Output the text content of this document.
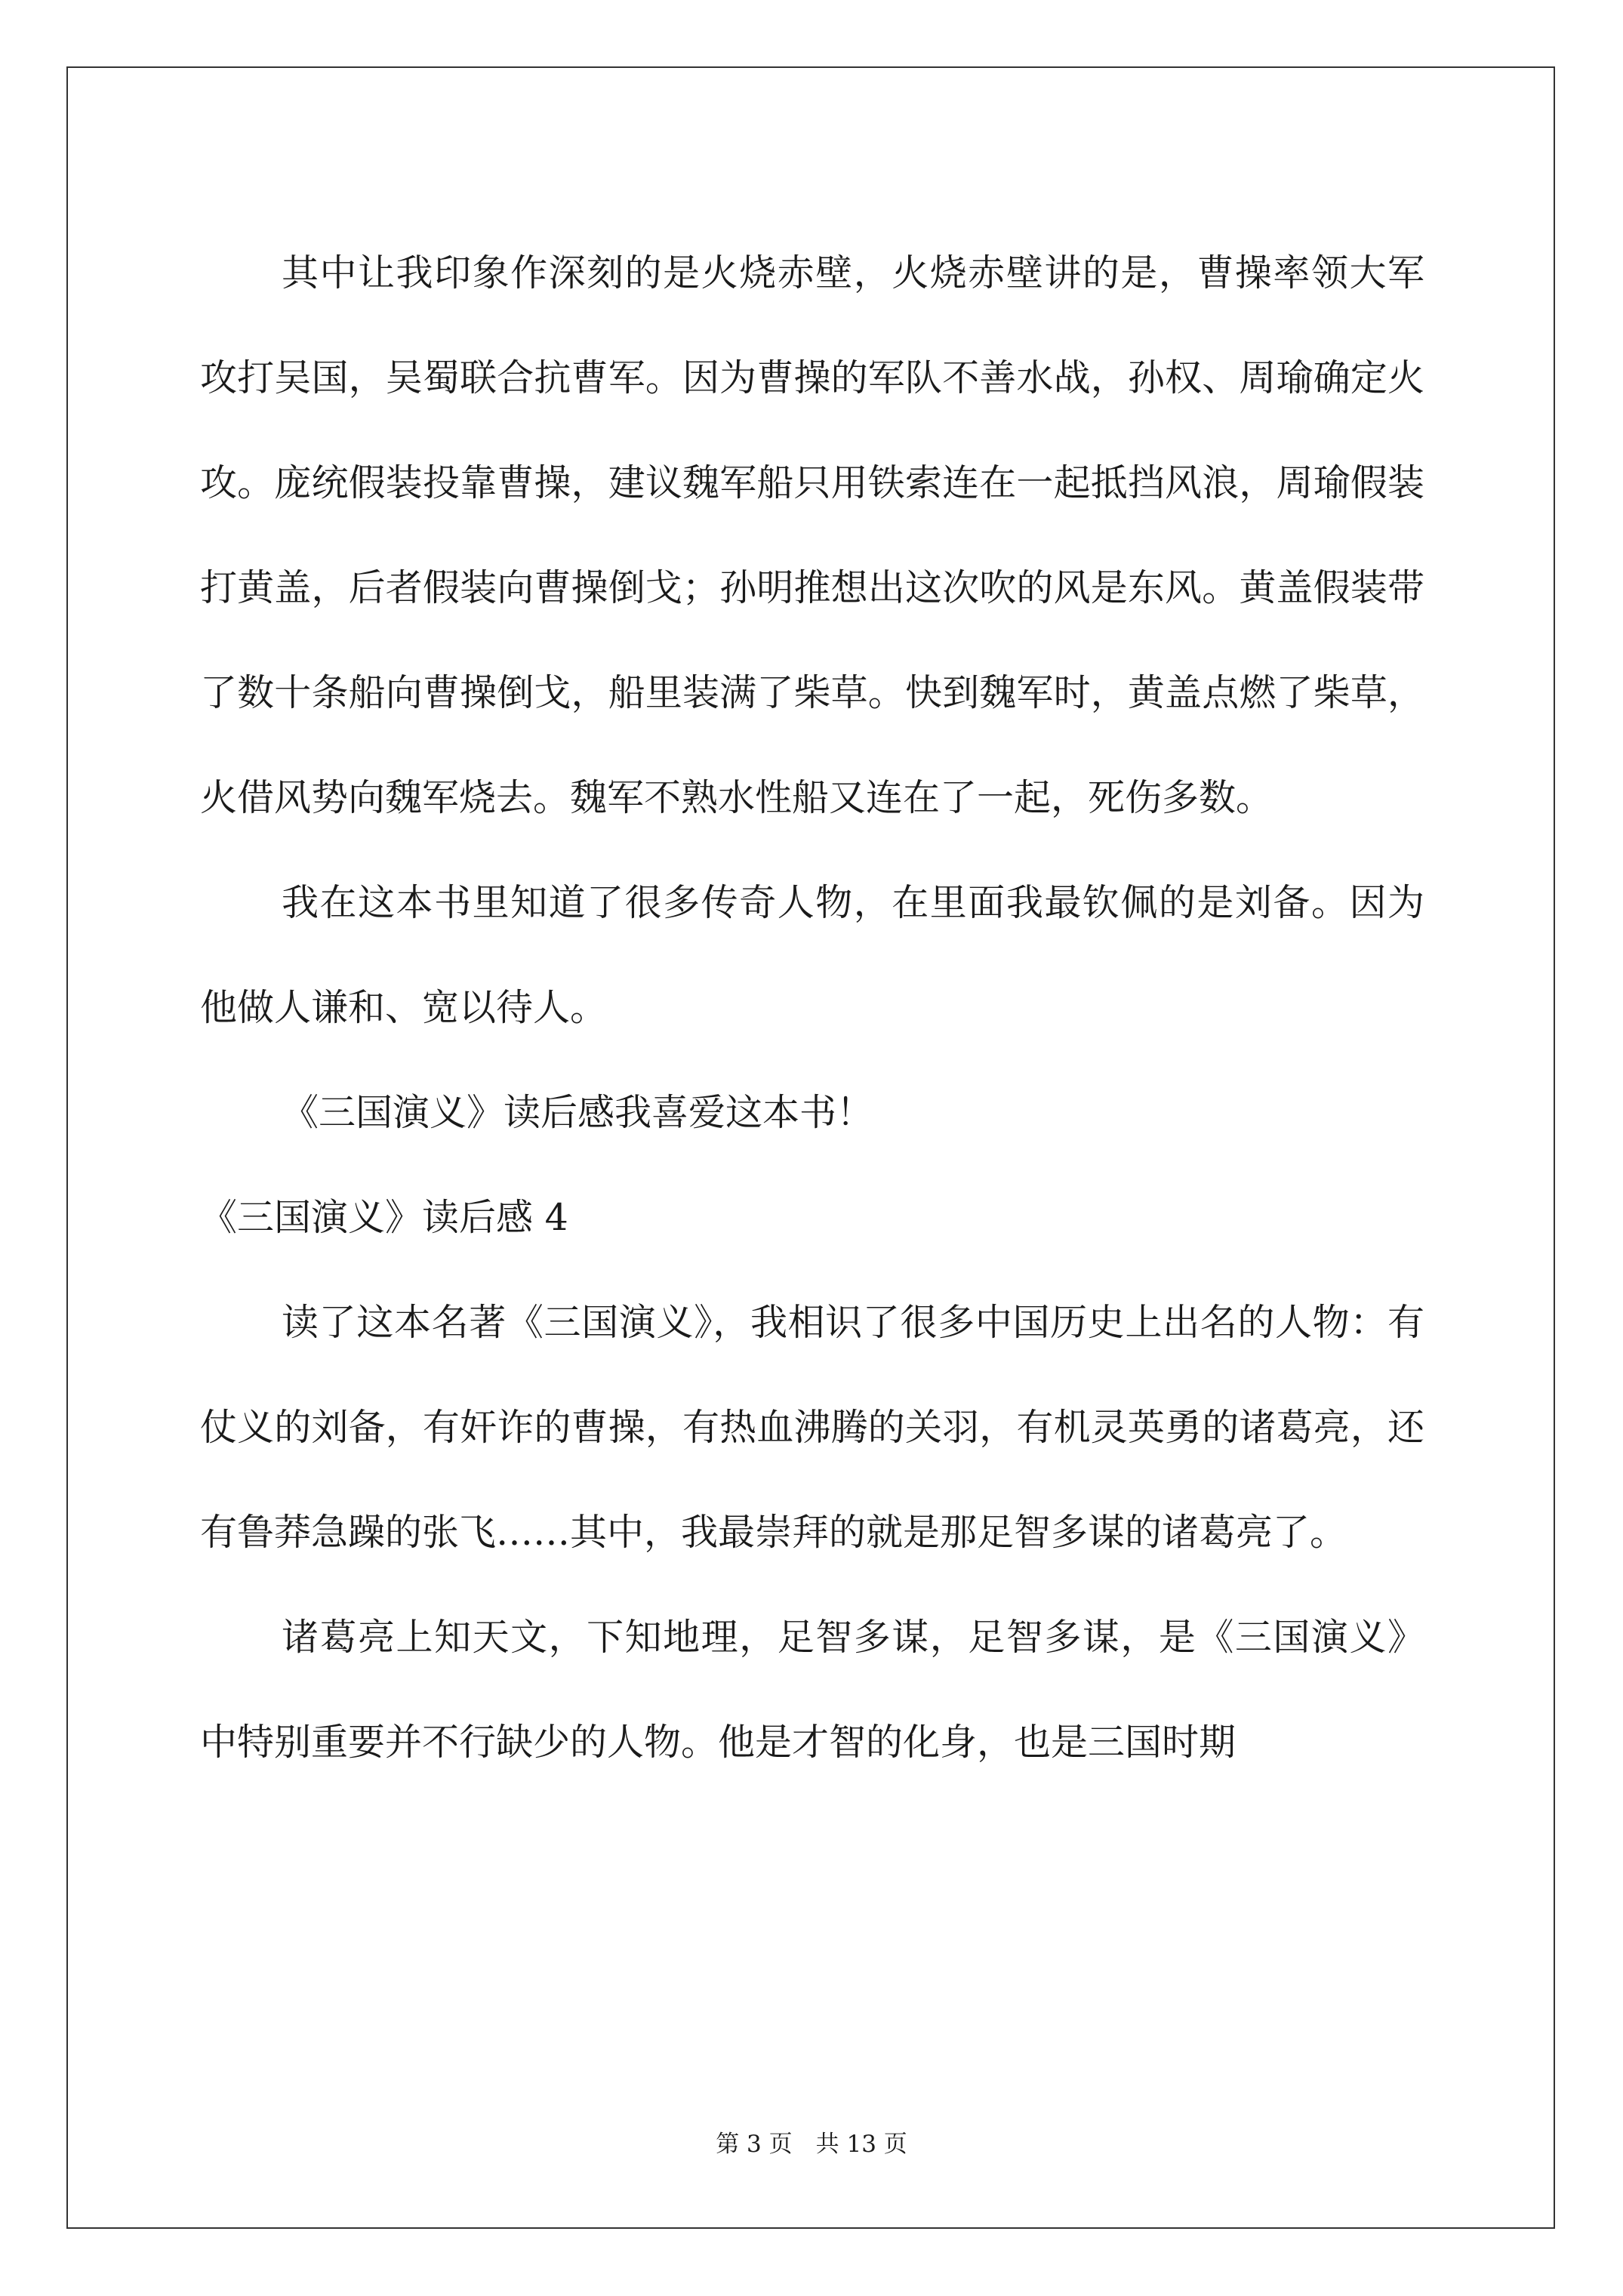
其中让我印象作深刻的是火烧赤壁，火烧赤壁讲的是，曹操率领大军攻打吴国，吴蜀联合抗曹军。因为曹操的军队不善水战，孙权、周瑜确定火攻。庞统假装投靠曹操，建议魏军船只用铁索连在一起抵挡风浪，周瑜假装打黄盖，后者假装向曹操倒戈；孙明推想出这次吹的风是东风。黄盖假装带了数十条船向曹操倒戈，船里装满了柴草。快到魏军时，黄盖点燃了柴草，火借风势向魏军烧去。魏军不熟水性船又连在了一起，死伤多数。

我在这本书里知道了很多传奇人物，在里面我最钦佩的是刘备。因为他做人谦和、宽以待人。

《三国演义》读后感我喜爱这本书！

《三国演义》读后感 4

读了这本名著《三国演义》，我相识了很多中国历史上出名的人物：有仗义的刘备，有奸诈的曹操，有热血沸腾的关羽，有机灵英勇的诸葛亮，还有鲁莽急躁的张飞……其中，我最崇拜的就是那足智多谋的诸葛亮了。

诸葛亮上知天文，下知地理，足智多谋，足智多谋，是《三国演义》中特别重要并不行缺少的人物。他是才智的化身，也是三国时期

第 3 页　共 13 页
